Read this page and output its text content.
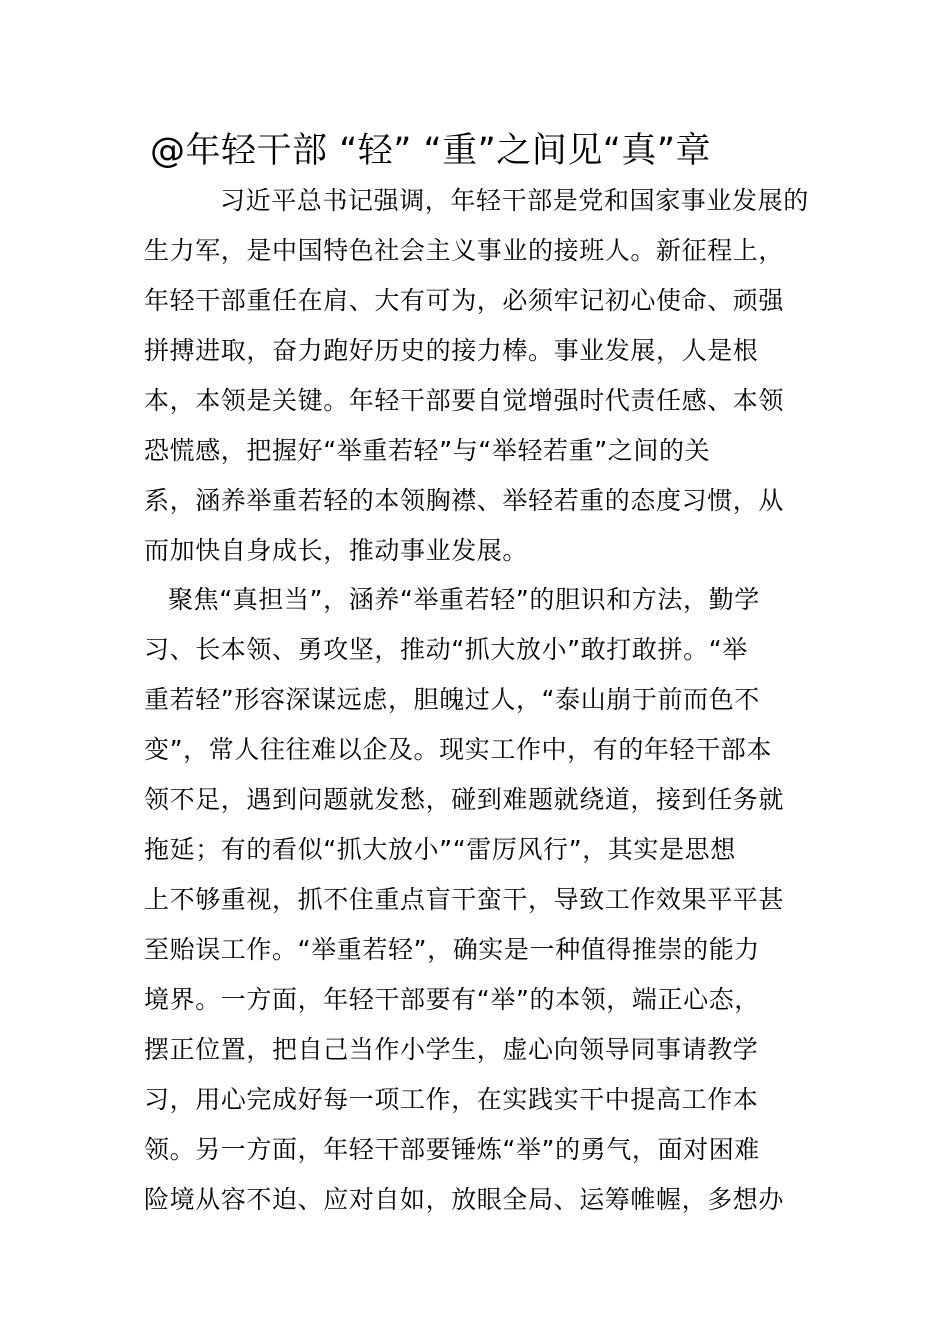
@年轻干部 “轻” “重”之间见“真”章
习近平总书记强调，年轻干部是党和国家事业发展的
生力军，是中国特色社会主义事业的接班人。新征程上，
年轻干部重任在肩、大有可为，必须牢记初心使命、顽强
拼搏进取，奋力跑好历史的接力棒。事业发展，人是根
本，本领是关键。年轻干部要自觉增强时代责任感、本领
恐慌感，把握好“举重若轻”与“举轻若重”之间的关
系，涵养举重若轻的本领胸襟、举轻若重的态度习惯，从
而加快自身成长，推动事业发展。
聚焦“真担当”，涵养“举重若轻”的胆识和方法，勤学
习、长本领、勇攻坚，推动“抓大放小”敢打敢拼。“举
重若轻”形容深谋远虑，胆魄过人，“泰山崩于前而色不
变”，常人往往难以企及。现实工作中，有的年轻干部本
领不足，遇到问题就发愁，碰到难题就绕道，接到任务就
拖延；有的看似“抓大放小”“雷厉风行”，其实是思想
上不够重视，抓不住重点盲干蛮干，导致工作效果平平甚
至贻误工作。“举重若轻”，确实是一种值得推崇的能力
境界。一方面，年轻干部要有“举”的本领，端正心态，
摆正位置，把自己当作小学生，虚心向领导同事请教学
习，用心完成好每一项工作，在实践实干中提高工作本
领。另一方面，年轻干部要锤炼“举”的勇气，面对困难
险境从容不迫、应对自如，放眼全局、运筹帷幄，多想办
